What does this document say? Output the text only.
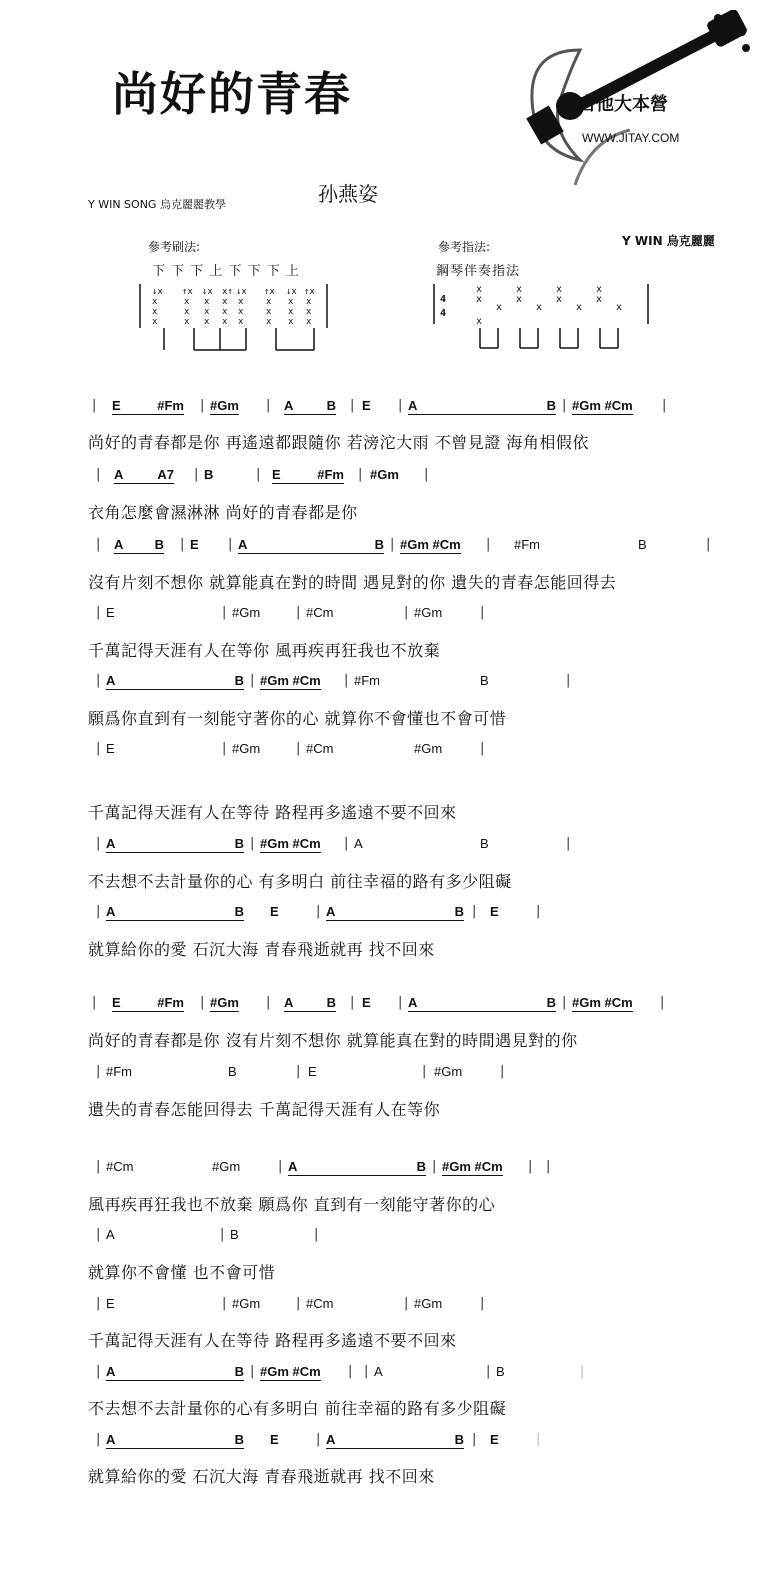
尚好的青春	吉他大本營
WWW.JITAY.COM
Y WIN SONG 烏克麗麗教學	孙燕姿
Y WIN 烏克麗麗
參考刷法:
下 下 下 上 下 下 下 上
↓x
x
x
x
↑x
x
x
x
↓x
x
x
x
x↑
x
x
x
↓x
x
x
x
↑x
x
x
x
↓x
x
x
x
↑x
x
x
x
參考指法:
鋼琴伴奏指法
4
4
x
x
x
x
x
x
x
x
x
x
x
x
x
| E	#Fm | #Gm | A	B | E | A	B | #Gm #Cm |
尚好的青春都是你 再遙遠都跟隨你 若滂沱大雨 不曾見證 海角相假依
| A	A7 | B	| E	#Fm | #Gm |
衣角怎麼會濕淋淋 尚好的青春都是你
| A	B | E | A	B | #Gm #Cm | #Fm	B	|
沒有片刻不想你 就算能真在對的時間 遇見對的你 遺失的青春怎能回得去
| E	| #Gm	| #Cm	| #Gm	|
千萬記得天涯有人在等你 風再疾再狂我也不放棄
| A	B | #Gm #Cm | #Fm	B	|
願爲你直到有一刻能守著你的心 就算你不會懂也不會可惜
| E	| #Gm	| #Cm	#Gm	|
千萬記得天涯有人在等待 路程再多遙遠不要不回來
| A	B | #Gm #Cm | A	B	|
不去想不去計量你的心 有多明白 前往幸福的路有多少阻礙
| A	B E	| A	B | E	|
就算給你的愛 石沉大海 青春飛逝就再 找不回來
| E	#Fm | #Gm | A	B | E | A	B | #Gm #Cm |
尚好的青春都是你 沒有片刻不想你 就算能真在對的時間遇見對的你
| #Fm	B	| E	| #Gm	|
遺失的青春怎能回得去 千萬記得天涯有人在等你
| #Cm	#Gm	| A	B | #Gm #Cm | |
風再疾再狂我也不放棄 願爲你 直到有一刻能守著你的心
| A	| B	|
就算你不會懂 也不會可惜
| E	| #Gm	| #Cm	| #Gm	|
千萬記得天涯有人在等待 路程再多遙遠不要不回來
| A	B | #Gm #Cm | | A	| B	|
不去想不去計量你的心有多明白 前往幸福的路有多少阻礙
| A	B E	| A	B | E	|
就算給你的愛 石沉大海 青春飛逝就再 找不回來
